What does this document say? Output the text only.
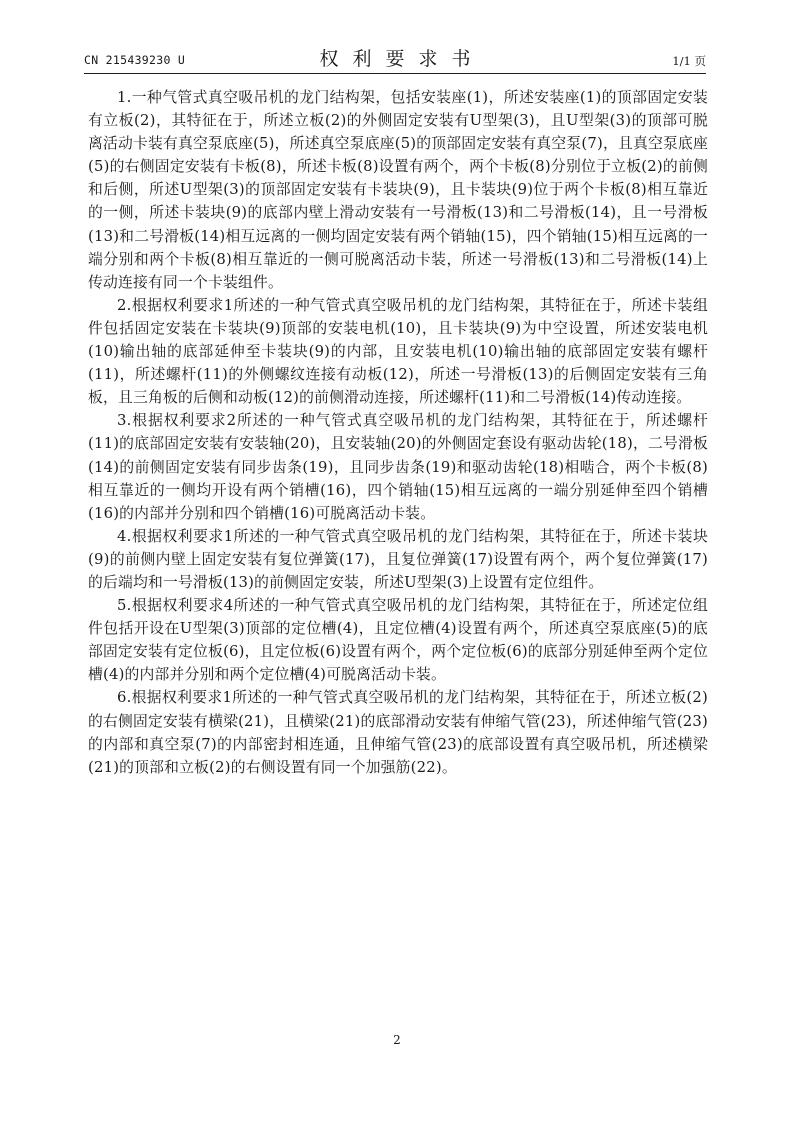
CN 215439230 U	权利要求书	1/1 页

1.一种气管式真空吸吊机的龙门结构架，包括安装座(1)，所述安装座(1)的顶部固定安装有立板(2)，其特征在于，所述立板(2)的外侧固定安装有U型架(3)，且U型架(3)的顶部可脱离活动卡装有真空泵底座(5)，所述真空泵底座(5)的顶部固定安装有真空泵(7)，且真空泵底座(5)的右侧固定安装有卡板(8)，所述卡板(8)设置有两个，两个卡板(8)分别位于立板(2)的前侧和后侧，所述U型架(3)的顶部固定安装有卡装块(9)，且卡装块(9)位于两个卡板(8)相互靠近的一侧，所述卡装块(9)的底部内壁上滑动安装有一号滑板(13)和二号滑板(14)，且一号滑板(13)和二号滑板(14)相互远离的一侧均固定安装有两个销轴(15)，四个销轴(15)相互远离的一端分别和两个卡板(8)相互靠近的一侧可脱离活动卡装，所述一号滑板(13)和二号滑板(14)上传动连接有同一个卡装组件。

2.根据权利要求1所述的一种气管式真空吸吊机的龙门结构架，其特征在于，所述卡装组件包括固定安装在卡装块(9)顶部的安装电机(10)，且卡装块(9)为中空设置，所述安装电机(10)输出轴的底部延伸至卡装块(9)的内部，且安装电机(10)输出轴的底部固定安装有螺杆(11)，所述螺杆(11)的外侧螺纹连接有动板(12)，所述一号滑板(13)的后侧固定安装有三角板，且三角板的后侧和动板(12)的前侧滑动连接，所述螺杆(11)和二号滑板(14)传动连接。

3.根据权利要求2所述的一种气管式真空吸吊机的龙门结构架，其特征在于，所述螺杆(11)的底部固定安装有安装轴(20)，且安装轴(20)的外侧固定套设有驱动齿轮(18)，二号滑板(14)的前侧固定安装有同步齿条(19)，且同步齿条(19)和驱动齿轮(18)相啮合，两个卡板(8)相互靠近的一侧均开设有两个销槽(16)，四个销轴(15)相互远离的一端分别延伸至四个销槽(16)的内部并分别和四个销槽(16)可脱离活动卡装。

4.根据权利要求1所述的一种气管式真空吸吊机的龙门结构架，其特征在于，所述卡装块(9)的前侧内壁上固定安装有复位弹簧(17)，且复位弹簧(17)设置有两个，两个复位弹簧(17)的后端均和一号滑板(13)的前侧固定安装，所述U型架(3)上设置有定位组件。

5.根据权利要求4所述的一种气管式真空吸吊机的龙门结构架，其特征在于，所述定位组件包括开设在U型架(3)顶部的定位槽(4)，且定位槽(4)设置有两个，所述真空泵底座(5)的底部固定安装有定位板(6)，且定位板(6)设置有两个，两个定位板(6)的底部分别延伸至两个定位槽(4)的内部并分别和两个定位槽(4)可脱离活动卡装。

6.根据权利要求1所述的一种气管式真空吸吊机的龙门结构架，其特征在于，所述立板(2)的右侧固定安装有横梁(21)，且横梁(21)的底部滑动安装有伸缩气管(23)，所述伸缩气管(23)的内部和真空泵(7)的内部密封相连通，且伸缩气管(23)的底部设置有真空吸吊机，所述横梁(21)的顶部和立板(2)的右侧设置有同一个加强筋(22)。

2
